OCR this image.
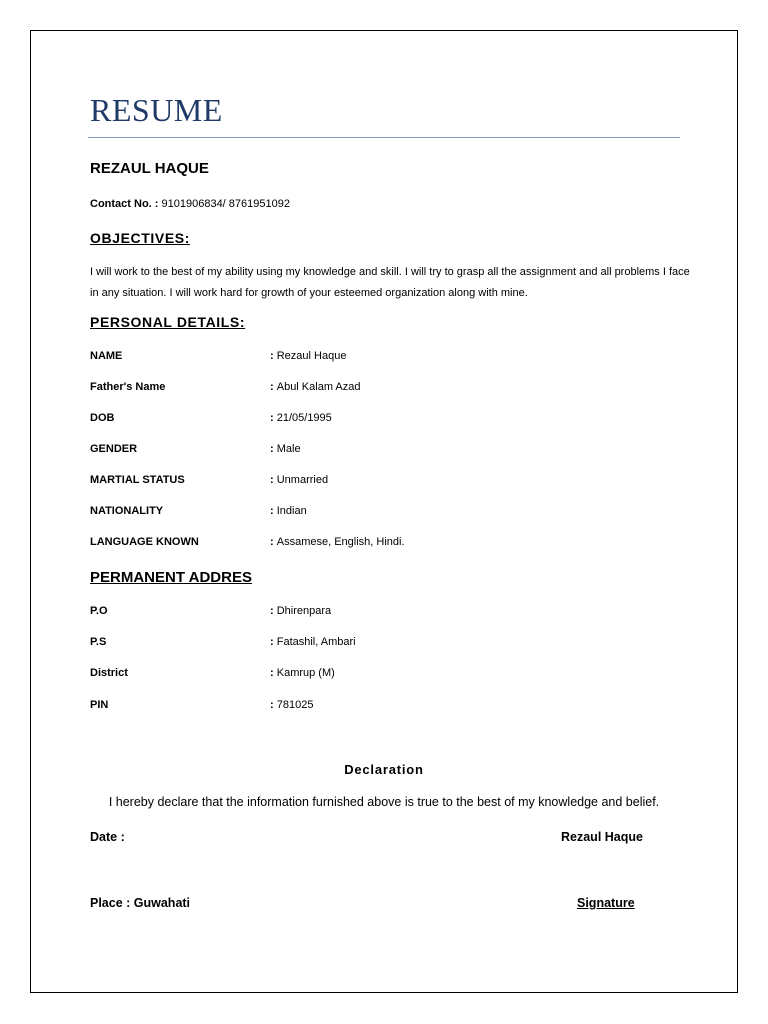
RESUME
REZAUL HAQUE
Contact No. : 9101906834/ 8761951092
OBJECTIVES:
I will work to the best of my ability using my knowledge and skill. I will try to grasp all the assignment and all problems I face in any situation. I will work hard for growth of your esteemed organization along with mine.
PERSONAL DETAILS:
NAME	: Rezaul Haque
Father's Name	: Abul Kalam Azad
DOB	: 21/05/1995
GENDER	: Male
MARTIAL STATUS	: Unmarried
NATIONALITY	: Indian
LANGUAGE KNOWN	: Assamese, English, Hindi.
PERMANENT ADDRES
P.O	: Dhirenpara
P.S	: Fatashil, Ambari
District	: Kamrup (M)
PIN	: 781025
Declaration
I hereby declare that the information furnished above is true to the best of my knowledge and belief.
Date :	Rezaul Haque
Place : Guwahati	Signature
